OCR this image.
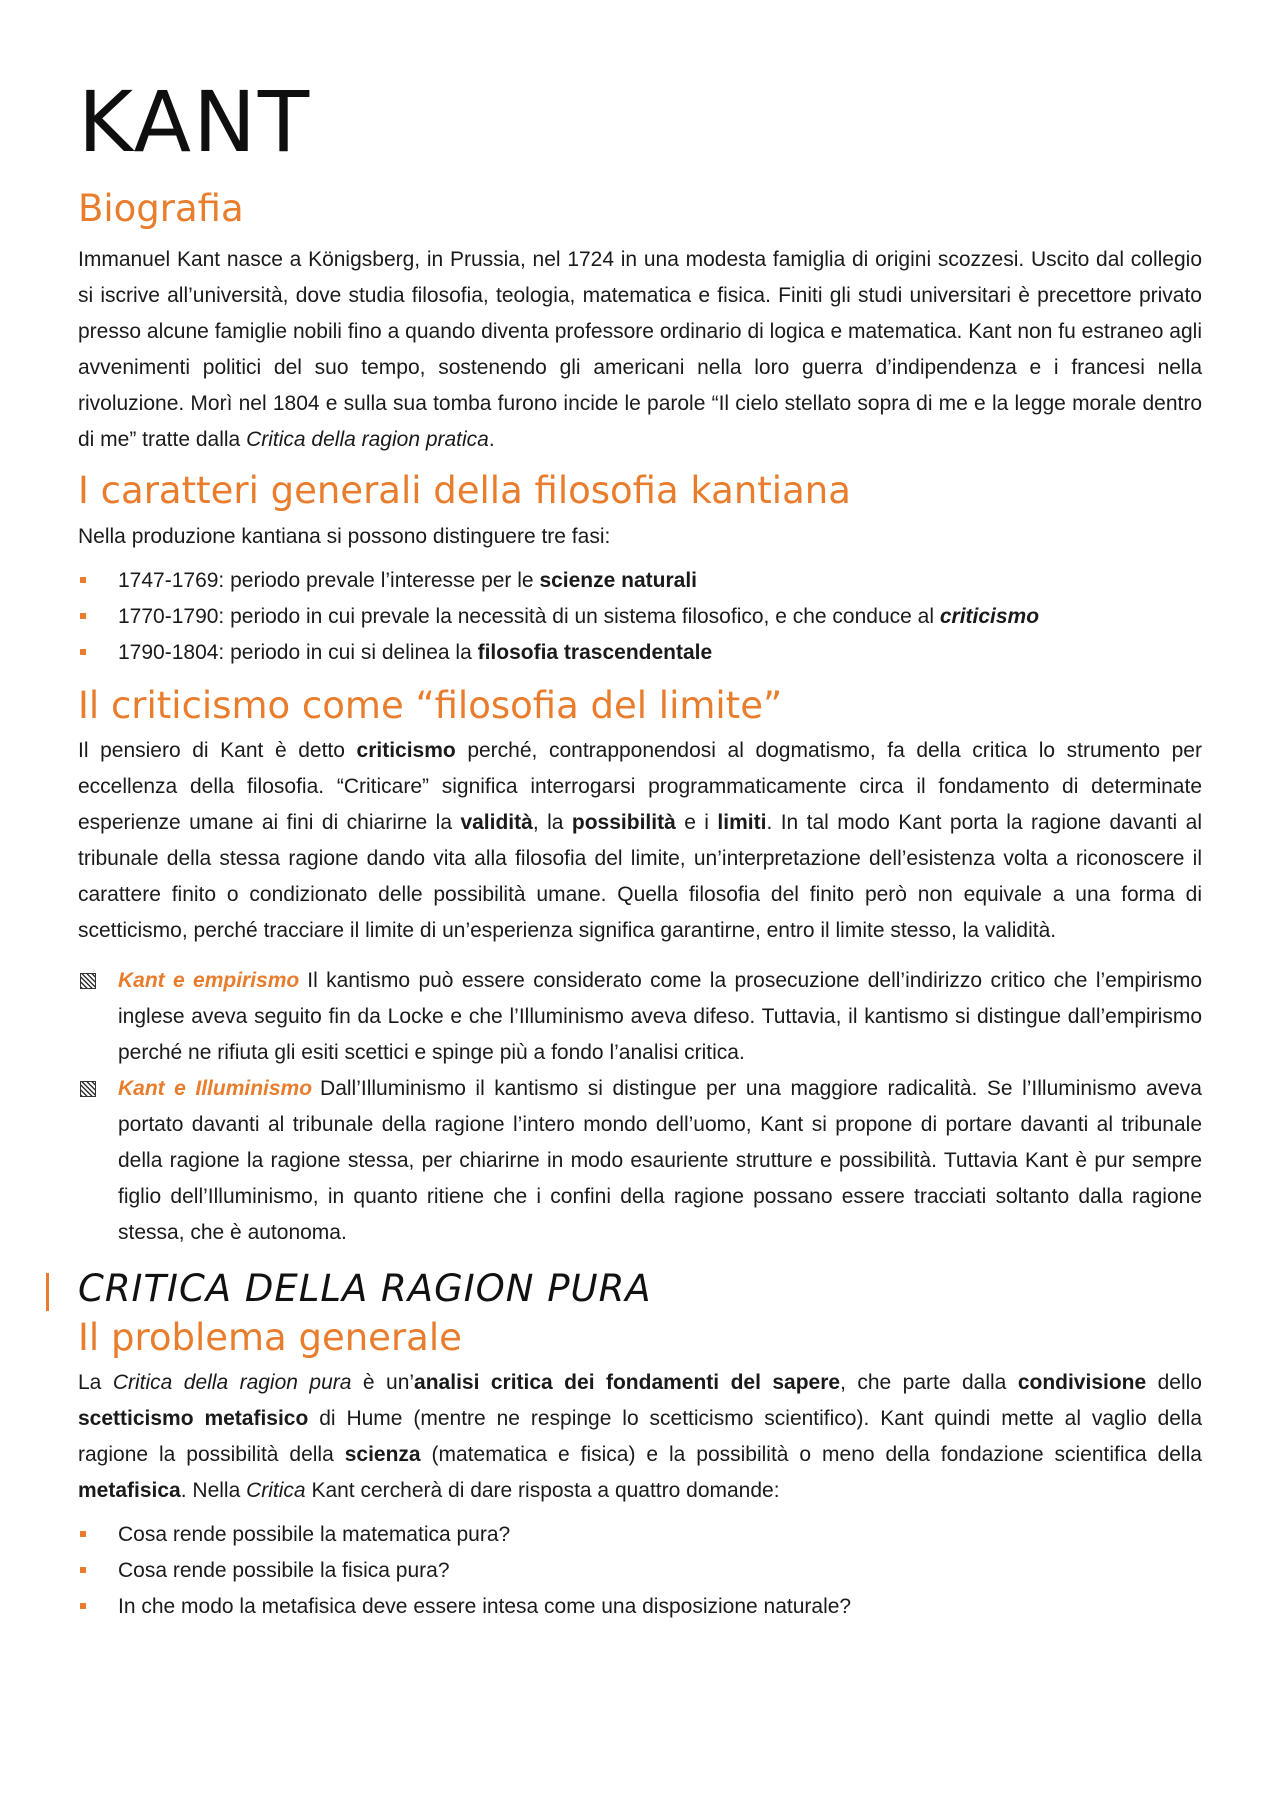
KANT
Biografia

Immanuel Kant nasce a Königsberg, in Prussia, nel 1724 in una modesta famiglia di origini scozzesi. Uscito dal collegio si iscrive all’università, dove studia filosofia, teologia, matematica e fisica. Finiti gli studi universitari è precettore privato presso alcune famiglie nobili fino a quando diventa professore ordinario di logica e matematica. Kant non fu estraneo agli avvenimenti politici del suo tempo, sostenendo gli americani nella loro guerra d’indipendenza e i francesi nella rivoluzione. Morì nel 1804 e sulla sua tomba furono incide le parole “Il cielo stellato sopra di me e la legge morale dentro di me” tratte dalla Critica della ragion pratica.

I caratteri generali della filosofia kantiana

Nella produzione kantiana si possono distinguere tre fasi:

1747-1769: periodo prevale l’interesse per le scienze naturali
1770-1790: periodo in cui prevale la necessità di un sistema filosofico, e che conduce al criticismo
1790-1804: periodo in cui si delinea la filosofia trascendentale
Il criticismo come “filosofia del limite”

Il pensiero di Kant è detto criticismo perché, contrapponendosi al dogmatismo, fa della critica lo strumento per eccellenza della filosofia. “Criticare” significa interrogarsi programmaticamente circa il fondamento di determinate esperienze umane ai fini di chiarirne la validità, la possibilità e i limiti. In tal modo Kant porta la ragione davanti al tribunale della stessa ragione dando vita alla filosofia del limite, un’interpretazione dell’esistenza volta a riconoscere il carattere finito o condizionato delle possibilità umane. Quella filosofia del finito però non equivale a una forma di scetticismo, perché tracciare il limite di un’esperienza significa garantirne, entro il limite stesso, la validità.

Kant e empirismo Il kantismo può essere considerato come la prosecuzione dell’indirizzo critico che l’empirismo inglese aveva seguito fin da Locke e che l’Illuminismo aveva difeso. Tuttavia, il kantismo si distingue dall’empirismo perché ne rifiuta gli esiti scettici e spinge più a fondo l’analisi critica.
Kant e Illuminismo Dall’Illuminismo il kantismo si distingue per una maggiore radicalità. Se l’Illuminismo aveva portato davanti al tribunale della ragione l’intero mondo dell’uomo, Kant si propone di portare davanti al tribunale della ragione la ragione stessa, per chiarirne in modo esauriente strutture e possibilità. Tuttavia Kant è pur sempre figlio dell’Illuminismo, in quanto ritiene che i confini della ragione possano essere tracciati soltanto dalla ragione stessa, che è autonoma.
CRITICA DELLA RAGION PURA
Il problema generale

La Critica della ragion pura è un’analisi critica dei fondamenti del sapere, che parte dalla condivisione dello scetticismo metafisico di Hume (mentre ne respinge lo scetticismo scientifico). Kant quindi mette al vaglio della ragione la possibilità della scienza (matematica e fisica) e la possibilità o meno della fondazione scientifica della metafisica. Nella Critica Kant cercherà di dare risposta a quattro domande:

Cosa rende possibile la matematica pura?
Cosa rende possibile la fisica pura?
In che modo la metafisica deve essere intesa come una disposizione naturale?
